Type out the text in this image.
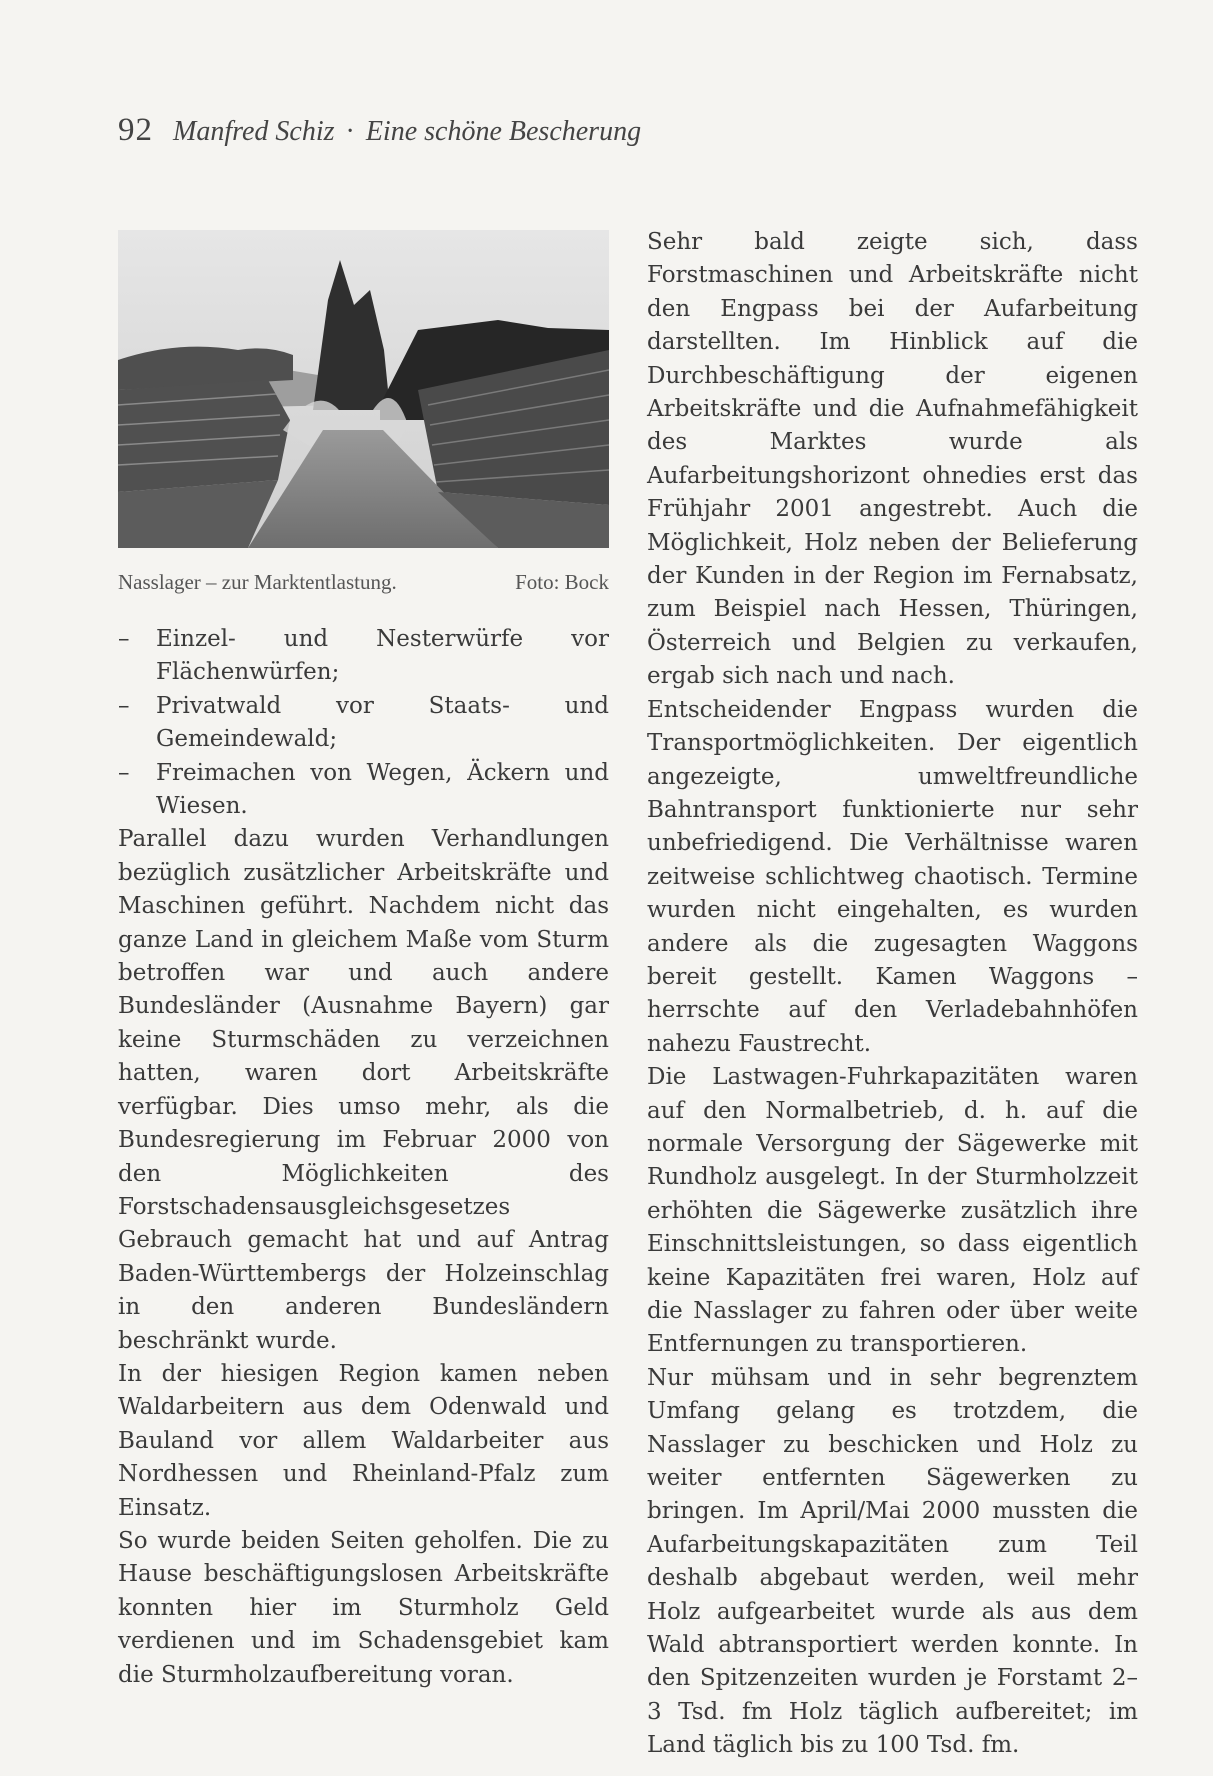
92 Manfred Schiz · Eine schöne Bescherung
Nasslager – zur Marktentlastung.	Foto: Bock
– Einzel- und Nesterwürfe vor Flächenwürfen;
– Privatwald vor Staats- und Gemeindewald;
– Freimachen von Wegen, Äckern und Wiesen.

Parallel dazu wurden Verhandlungen bezüglich zusätzlicher Arbeitskräfte und Maschinen geführt. Nachdem nicht das ganze Land in gleichem Maße vom Sturm betroffen war und auch andere Bundesländer (Ausnahme Bayern) gar keine Sturmschäden zu verzeichnen hatten, waren dort Arbeitskräfte verfügbar. Dies umso mehr, als die Bundesregierung im Februar 2000 von den Möglichkeiten des Forstschadensausgleichsgesetzes Gebrauch gemacht hat und auf Antrag Baden-Württembergs der Holzeinschlag in den anderen Bundesländern beschränkt wurde.

In der hiesigen Region kamen neben Waldarbeitern aus dem Odenwald und Bauland vor allem Waldarbeiter aus Nordhessen und Rheinland-Pfalz zum Einsatz.

So wurde beiden Seiten geholfen. Die zu Hause beschäftigungslosen Arbeitskräfte konnten hier im Sturmholz Geld verdienen und im Schadensgebiet kam die Sturmholzaufbereitung voran.

Sehr bald zeigte sich, dass Forstmaschinen und Arbeitskräfte nicht den Engpass bei der Aufarbeitung darstellten. Im Hinblick auf die Durchbeschäftigung der eigenen Arbeitskräfte und die Aufnahmefähigkeit des Marktes wurde als Aufarbeitungshorizont ohnedies erst das Frühjahr 2001 angestrebt. Auch die Möglichkeit, Holz neben der Belieferung der Kunden in der Region im Fernabsatz, zum Beispiel nach Hessen, Thüringen, Österreich und Belgien zu verkaufen, ergab sich nach und nach.

Entscheidender Engpass wurden die Transportmöglichkeiten. Der eigentlich angezeigte, umweltfreundliche Bahntransport funktionierte nur sehr unbefriedigend. Die Verhältnisse waren zeitweise schlichtweg chaotisch. Termine wurden nicht eingehalten, es wurden andere als die zugesagten Waggons bereit gestellt. Kamen Waggons – herrschte auf den Verladebahnhöfen nahezu Faustrecht.

Die Lastwagen-Fuhrkapazitäten waren auf den Normalbetrieb, d. h. auf die normale Versorgung der Sägewerke mit Rundholz ausgelegt. In der Sturmholzzeit erhöhten die Sägewerke zusätzlich ihre Einschnittsleistungen, so dass eigentlich keine Kapazitäten frei waren, Holz auf die Nasslager zu fahren oder über weite Entfernungen zu transportieren.

Nur mühsam und in sehr begrenztem Umfang gelang es trotzdem, die Nasslager zu beschicken und Holz zu weiter entfernten Sägewerken zu bringen. Im April/Mai 2000 mussten die Aufarbeitungskapazitäten zum Teil deshalb abgebaut werden, weil mehr Holz aufgearbeitet wurde als aus dem Wald abtransportiert werden konnte. In den Spitzenzeiten wurden je Forstamt 2–3 Tsd. fm Holz täglich aufbereitet; im Land täglich bis zu 100 Tsd. fm.
